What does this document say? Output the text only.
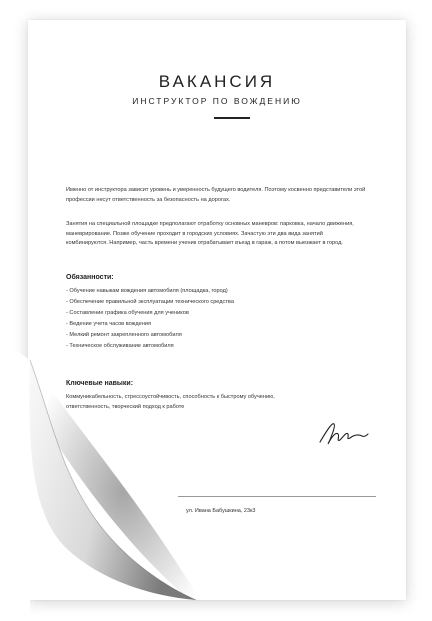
ВАКАНСИЯ
ИНСТРУКТОР ПО ВОЖДЕНИЮ
Именно от инструктора зависит уровень и уверенность будущего водителя. Поэтому косвенно представители этой профессии несут ответственность за безопасность на дорогах.
Занятия на специальной площадке предполагают отработку основных маневров: парковка, начало движения, маневрирование. Позже обучение проходит в городских условиях. Зачастую эти два вида занятий комбинируются. Например, часть времени ученик отрабатывает въезд в гараж, а потом выезжает в город.
Обязанности:
- Обучение навыкам вождения автомобиля (площадка, город)
- Обеспечение правильной эксплуатации технического средства
- Составление графика обучения для учеников
- Ведение учета часов вождения
- Мелкий ремонт закрепленного автомобиля
- Техническое обслуживание автомобиля
Ключевые навыки:
Коммуникабельность, стрессоустойчивость, способность к быстрому обучению, ответственность, творческий подход к работе
ул. Ивана Бабушкина, 23к3
